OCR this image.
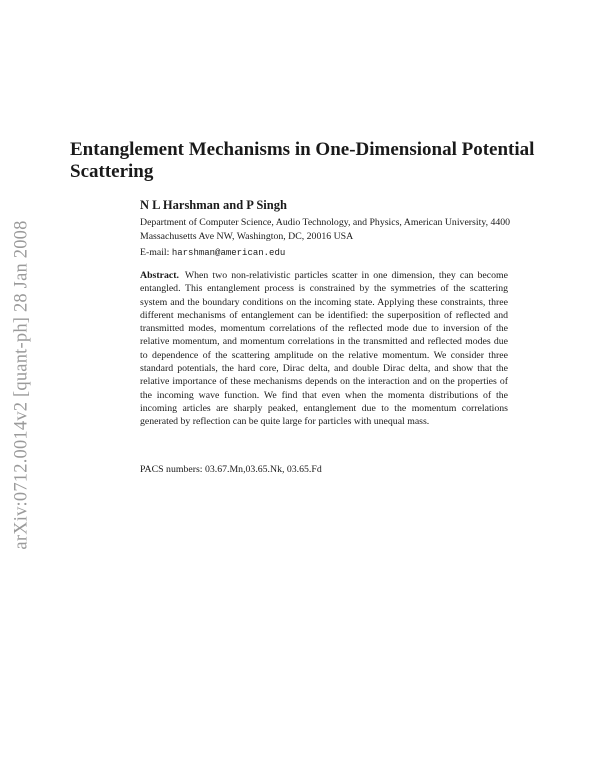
arXiv:0712.0014v2 [quant-ph] 28 Jan 2008
Entanglement Mechanisms in One-Dimensional Potential Scattering
N L Harshman and P Singh
Department of Computer Science, Audio Technology, and Physics, American University, 4400 Massachusetts Ave NW, Washington, DC, 20016 USA
E-mail: harshman@american.edu

Abstract. When two non-relativistic particles scatter in one dimension, they can become entangled. This entanglement process is constrained by the symmetries of the scattering system and the boundary conditions on the incoming state. Applying these constraints, three different mechanisms of entanglement can be identified: the superposition of reflected and transmitted modes, momentum correlations of the reflected mode due to inversion of the relative momentum, and momentum correlations in the transmitted and reflected modes due to dependence of the scattering amplitude on the relative momentum. We consider three standard potentials, the hard core, Dirac delta, and double Dirac delta, and show that the relative importance of these mechanisms depends on the interaction and on the properties of the incoming wave function. We find that even when the momenta distributions of the incoming articles are sharply peaked, entanglement due to the momentum correlations generated by reflection can be quite large for particles with unequal mass.

PACS numbers: 03.67.Mn,03.65.Nk, 03.65.Fd
